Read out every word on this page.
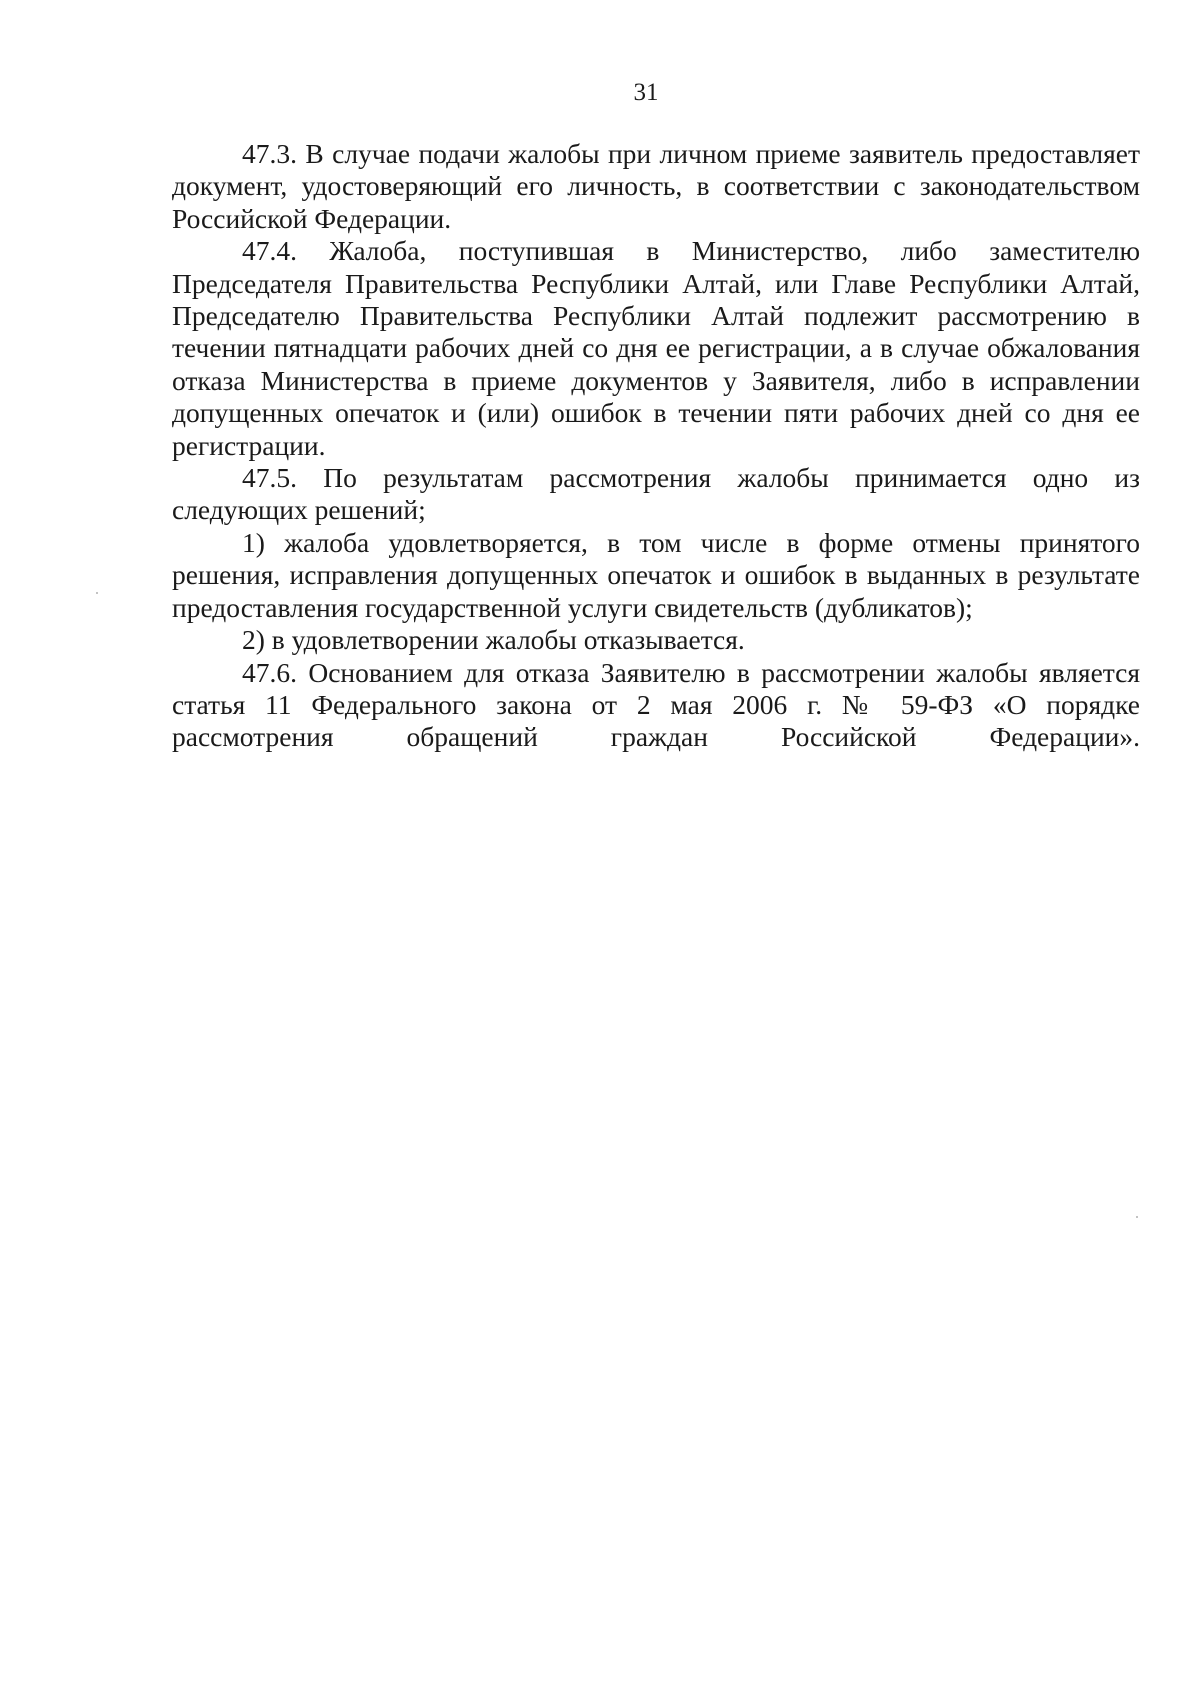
31

47.3. В случае подачи жалобы при личном приеме заявитель предоставляет документ, удостоверяющий его личность, в соответствии с законодательством Российской Федерации.

47.4. Жалоба, поступившая в Министерство, либо заместителю Председателя Правительства Республики Алтай, или Главе Республики Алтай, Председателю Правительства Республики Алтай подлежит рассмотрению в течении пятнадцати рабочих дней со дня ее регистрации, а в случае обжалования отказа Министерства в приеме документов у Заявителя, либо в исправлении допущенных опечаток и (или) ошибок в течении пяти рабочих дней со дня ее регистрации.

47.5. По результатам рассмотрения жалобы принимается одно из следующих решений;

1) жалоба удовлетворяется, в том числе в форме отмены принятого решения, исправления допущенных опечаток и ошибок в выданных в результате предоставления государственной услуги свидетельств (дубликатов);

2) в удовлетворении жалобы отказывается.

47.6. Основанием для отказа Заявителю в рассмотрении жалобы является статья 11 Федерального закона от 2 мая 2006 г. № 59-ФЗ «О порядке рассмотрения обращений граждан Российской Федерации».
